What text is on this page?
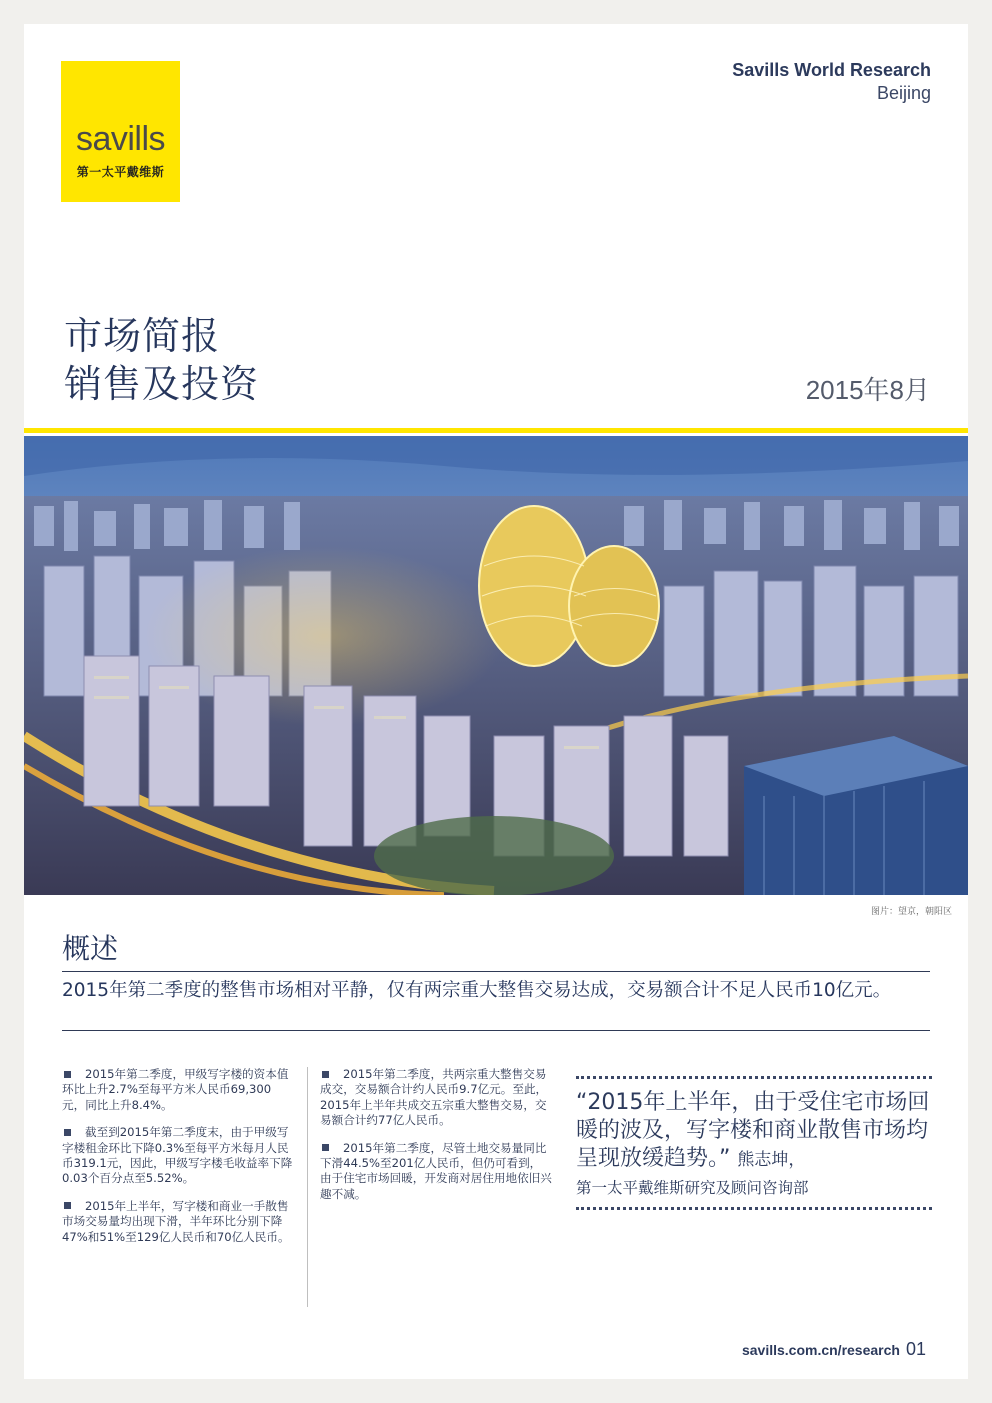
savills
第一太平戴维斯
Savills World Research
Beijing
市场简报
销售及投资	2015年8月
图片：望京，朝阳区
概述
2015年第二季度的整售市场相对平静，仅有两宗重大整售交易达成，交易额合计不足人民币10亿元。

2015年第二季度，甲级写字楼的资本值环比上升2.7%至每平方米人民币69,300元，同比上升8.4%。

截至到2015年第二季度末，由于甲级写字楼租金环比下降0.3%至每平方米每月人民币319.1元，因此，甲级写字楼毛收益率下降0.03个百分点至5.52%。

2015年上半年，写字楼和商业一手散售市场交易量均出现下滑，半年环比分别下降47%和51%至129亿人民币和70亿人民币。

2015年第二季度，共两宗重大整售交易成交，交易额合计约人民币9.7亿元。至此，2015年上半年共成交五宗重大整售交易，交易额合计约77亿人民币。

2015年第二季度，尽管土地交易量同比下滑44.5%至201亿人民币，但仍可看到，由于住宅市场回暖，开发商对居住用地依旧兴趣不减。

“2015年上半年，由于受住宅市场回暖的波及，写字楼和商业散售市场均呈现放缓趋势。” 熊志坤，
第一太平戴维斯研究及顾问咨询部
savills.com.cn/research 01
